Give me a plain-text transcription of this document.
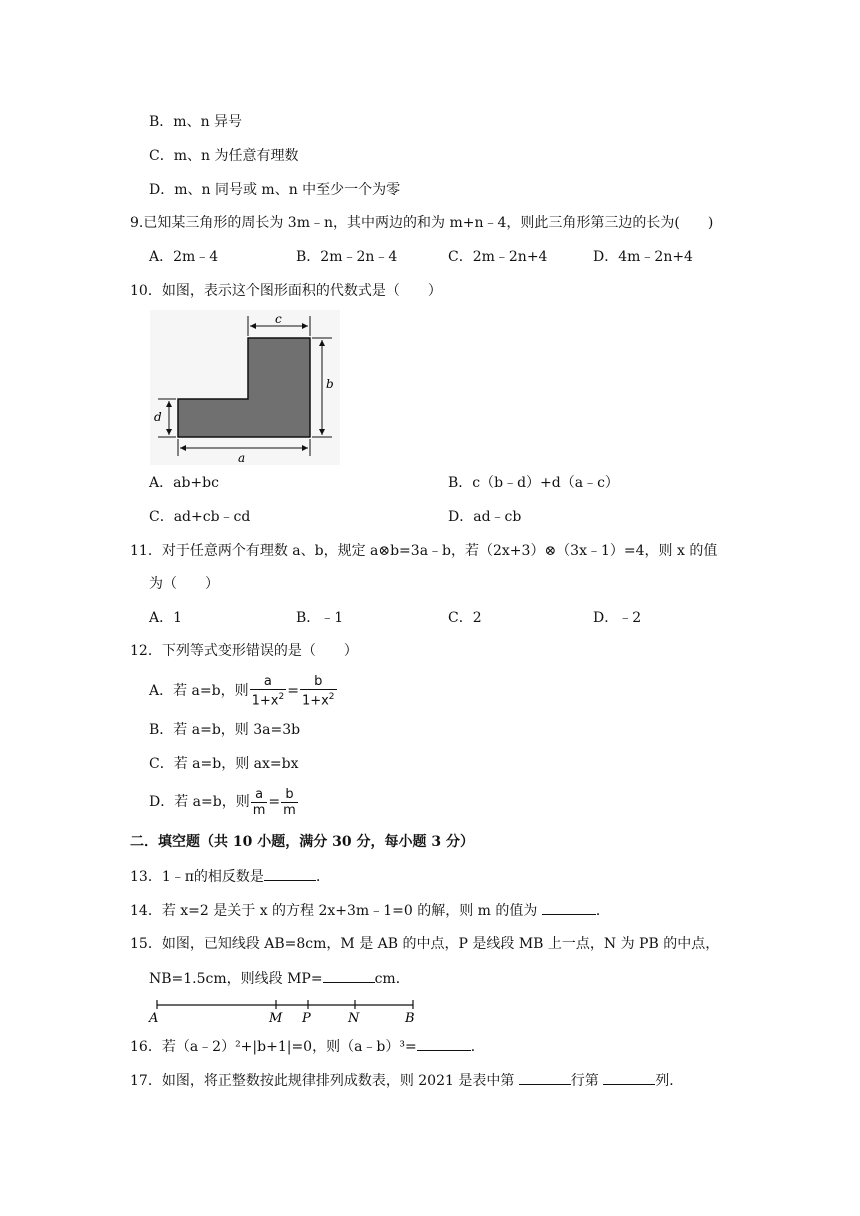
B．m、n 异号
C．m、n 为任意有理数
D．m、n 同号或 m、n 中至少一个为零
9.已知某三角形的周长为 3m﹣n，其中两边的和为 m+n﹣4，则此三角形第三边的长为(　　)
A．2m﹣4	B．2m﹣2n﹣4	C．2m﹣2n+4	D．4m﹣2n+4
10．如图，表示这个图形面积的代数式是（　　）
c
b
d
a
A．ab+bc	B．c（b﹣d）+d（a﹣c）
C．ad+cb﹣cd	D．ad﹣cb
11．对于任意两个有理数 a、b，规定 a⊗b=3a﹣b，若（2x+3）⊗（3x﹣1）=4，则 x 的值
为（　　）
A．1	B．﹣1	C．2	D．﹣2
12．下列等式变形错误的是（　　）
A．若 a=b，则 $\frac{a}{1+x^2} = \frac{b}{1+x^2}$
B．若 a=b，则 3a=3b
C．若 a=b，则 ax=bx
D．若 a=b，则 $\frac{a}{m} = \frac{b}{m}$
二．填空题（共 10 小题，满分 30 分，每小题 3 分）
13．1﹣π的相反数是	．
14．若 x=2 是关于 x 的方程 2x+3m﹣1=0 的解，则 m 的值为	．
15．如图，已知线段 AB=8cm，M 是 AB 的中点，P 是线段 MB 上一点，N 为 PB 的中点，
NB=1.5cm，则线段 MP=	cm．
A	M P	N	B
16．若（a﹣2）²+|b+1|=0，则（a﹣b）³=	．
17．如图，将正整数按此规律排列成数表，则 2021 是表中第	行第	列．
